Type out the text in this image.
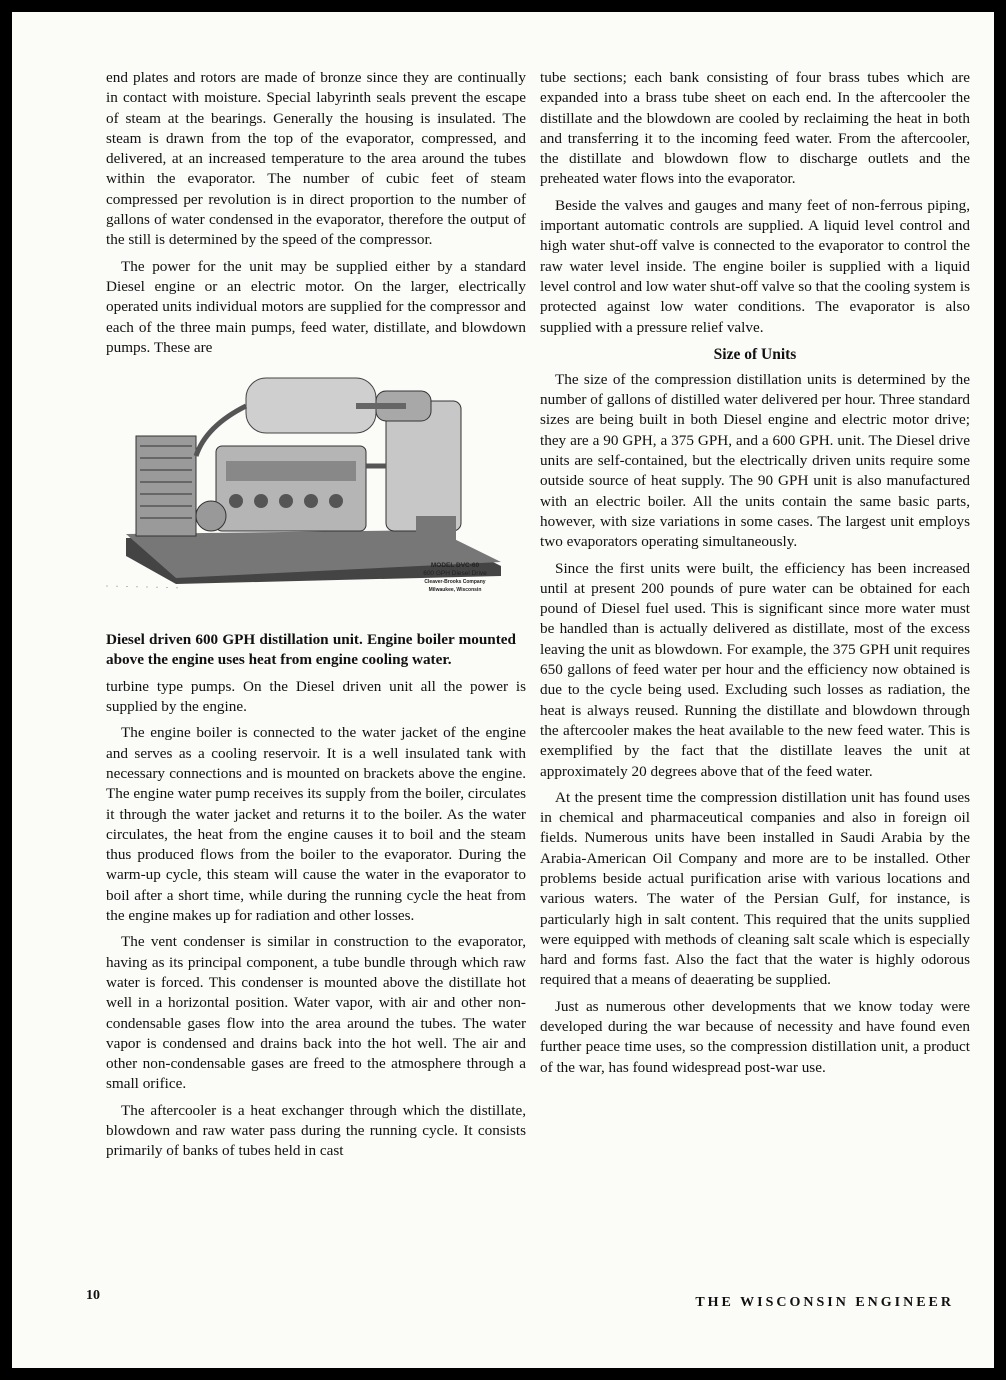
end plates and rotors are made of bronze since they are continually in contact with moisture. Special labyrinth seals prevent the escape of steam at the bearings. Generally the housing is insulated. The steam is drawn from the top of the evaporator, compressed, and delivered, at an increased temperature to the area around the tubes within the evaporator. The number of cubic feet of steam compressed per revolution is in direct proportion to the number of gallons of water condensed in the evaporator, therefore the output of the still is determined by the speed of the compressor.

The power for the unit may be supplied either by a standard Diesel engine or an electric motor. On the larger, electrically operated units individual motors are supplied for the compressor and each of the three main pumps, feed water, distillate, and blowdown pumps. These are

MODEL DVC-60
600 GPH Diesel Drive
Cleaver-Brooks Company
Milwaukee, Wisconsin

Diesel driven 600 GPH distillation unit. Engine boiler mounted above the engine uses heat from engine cooling water.

turbine type pumps. On the Diesel driven unit all the power is supplied by the engine.

The engine boiler is connected to the water jacket of the engine and serves as a cooling reservoir. It is a well insulated tank with necessary connections and is mounted on brackets above the engine. The engine water pump receives its supply from the boiler, circulates it through the water jacket and returns it to the boiler. As the water circulates, the heat from the engine causes it to boil and the steam thus produced flows from the boiler to the evaporator. During the warm-up cycle, this steam will cause the water in the evaporator to boil after a short time, while during the running cycle the heat from the engine makes up for radiation and other losses.

The vent condenser is similar in construction to the evaporator, having as its principal component, a tube bundle through which raw water is forced. This condenser is mounted above the distillate hot well in a horizontal position. Water vapor, with air and other non-condensable gases flow into the area around the tubes. The water vapor is condensed and drains back into the hot well. The air and other non-condensable gases are freed to the atmosphere through a small orifice.

The aftercooler is a heat exchanger through which the distillate, blowdown and raw water pass during the running cycle. It consists primarily of banks of tubes held in cast

tube sections; each bank consisting of four brass tubes which are expanded into a brass tube sheet on each end. In the aftercooler the distillate and the blowdown are cooled by reclaiming the heat in both and transferring it to the incoming feed water. From the aftercooler, the distillate and blowdown flow to discharge outlets and the preheated water flows into the evaporator.

Beside the valves and gauges and many feet of non-ferrous piping, important automatic controls are supplied. A liquid level control and high water shut-off valve is connected to the evaporator to control the raw water level inside. The engine boiler is supplied with a liquid level control and low water shut-off valve so that the cooling system is protected against low water conditions. The evaporator is also supplied with a pressure relief valve.

Size of Units

The size of the compression distillation units is determined by the number of gallons of distilled water delivered per hour. Three standard sizes are being built in both Diesel engine and electric motor drive; they are a 90 GPH, a 375 GPH, and a 600 GPH. unit. The Diesel drive units are self-contained, but the electrically driven units require some outside source of heat supply. The 90 GPH unit is also manufactured with an electric boiler. All the units contain the same basic parts, however, with size variations in some cases. The largest unit employs two evaporators operating simultaneously.

Since the first units were built, the efficiency has been increased until at present 200 pounds of pure water can be obtained for each pound of Diesel fuel used. This is significant since more water must be handled than is actually delivered as distillate, most of the excess leaving the unit as blowdown. For example, the 375 GPH unit requires 650 gallons of feed water per hour and the efficiency now obtained is due to the cycle being used. Excluding such losses as radiation, the heat is always reused. Running the distillate and blowdown through the aftercooler makes the heat available to the new feed water. This is exemplified by the fact that the distillate leaves the unit at approximately 20 degrees above that of the feed water.

At the present time the compression distillation unit has found uses in chemical and pharmaceutical companies and also in foreign oil fields. Numerous units have been installed in Saudi Arabia by the Arabia-American Oil Company and more are to be installed. Other problems beside actual purification arise with various locations and various waters. The water of the Persian Gulf, for instance, is particularly high in salt content. This required that the units supplied were equipped with methods of cleaning salt scale which is especially hard and forms fast. Also the fact that the water is highly odorous required that a means of deaerating be supplied.

Just as numerous other developments that we know today were developed during the war because of necessity and have found even further peace time uses, so the compression distillation unit, a product of the war, has found widespread post-war use.

10	THE WISCONSIN ENGINEER
